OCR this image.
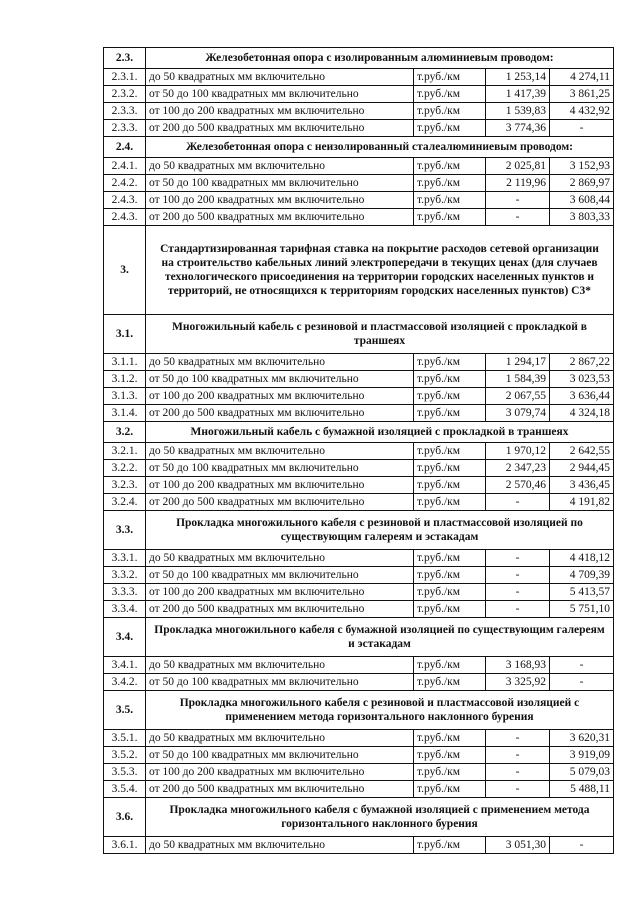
2.3.	Железобетонная опора с изолированным алюминиевым проводом:			
2.3.1.	до 50 квадратных мм включительно	т.руб./км	1 253,14	4 274,11
2.3.2.	от 50 до 100 квадратных мм включительно	т.руб./км	1 417,39	3 861,25
2.3.3.	от 100 до 200 квадратных мм включительно	т.руб./км	1 539,83	4 432,92
2.3.3.	от 200 до 500 квадратных мм включительно	т.руб./км	3 774,36	-
2.4.	Железобетонная опора с неизолированный сталеалюминиевым проводом:			
2.4.1.	до 50 квадратных мм включительно	т.руб./км	2 025,81	3 152,93
2.4.2.	от 50 до 100 квадратных мм включительно	т.руб./км	2 119,96	2 869,97
2.4.3.	от 100 до 200 квадратных мм включительно	т.руб./км	-	3 608,44
2.4.3.	от 200 до 500 квадратных мм включительно	т.руб./км	-	3 803,33
3.	Стандартизированная тарифная ставка на покрытие расходов сетевой организации на строительство кабельных линий электропередачи в текущих ценах (для случаев технологического присоединения на территории городских населенных пунктов и территорий, не относящихся к территориям городских населенных пунктов) С3*			
3.1.	Многожильный кабель с резиновой и пластмассовой изоляцией с прокладкой в траншеях			
3.1.1.	до 50 квадратных мм включительно	т.руб./км	1 294,17	2 867,22
3.1.2.	от 50 до 100 квадратных мм включительно	т.руб./км	1 584,39	3 023,53
3.1.3.	от 100 до 200 квадратных мм включительно	т.руб./км	2 067,55	3 636,44
3.1.4.	от 200 до 500 квадратных мм включительно	т.руб./км	3 079,74	4 324,18
3.2.	Многожильный кабель с бумажной изоляцией с прокладкой в траншеях			
3.2.1.	до 50 квадратных мм включительно	т.руб./км	1 970,12	2 642,55
3.2.2.	от 50 до 100 квадратных мм включительно	т.руб./км	2 347,23	2 944,45
3.2.3.	от 100 до 200 квадратных мм включительно	т.руб./км	2 570,46	3 436,45
3.2.4.	от 200 до 500 квадратных мм включительно	т.руб./км	-	4 191,82
3.3.	Прокладка многожильного кабеля с резиновой и пластмассовой изоляцией по существующим галереям и эстакадам			
3.3.1.	до 50 квадратных мм включительно	т.руб./км	-	4 418,12
3.3.2.	от 50 до 100 квадратных мм включительно	т.руб./км	-	4 709,39
3.3.3.	от 100 до 200 квадратных мм включительно	т.руб./км	-	5 413,57
3.3.4.	от 200 до 500 квадратных мм включительно	т.руб./км	-	5 751,10
3.4.	Прокладка многожильного кабеля с бумажной изоляцией по существующим галереям и эстакадам			
3.4.1.	до 50 квадратных мм включительно	т.руб./км	3 168,93	-
3.4.2.	от 50 до 100 квадратных мм включительно	т.руб./км	3 325,92	-
3.5.	Прокладка многожильного кабеля с резиновой и пластмассовой изоляцией с применением метода горизонтального наклонного бурения			
3.5.1.	до 50 квадратных мм включительно	т.руб./км	-	3 620,31
3.5.2.	от 50 до 100 квадратных мм включительно	т.руб./км	-	3 919,09
3.5.3.	от 100 до 200 квадратных мм включительно	т.руб./км	-	5 079,03
3.5.4.	от 200 до 500 квадратных мм включительно	т.руб./км	-	5 488,11
3.6.	Прокладка многожильного кабеля с бумажной изоляцией с применением метода горизонтального наклонного бурения			
3.6.1.	до 50 квадратных мм включительно	т.руб./км	3 051,30	-
